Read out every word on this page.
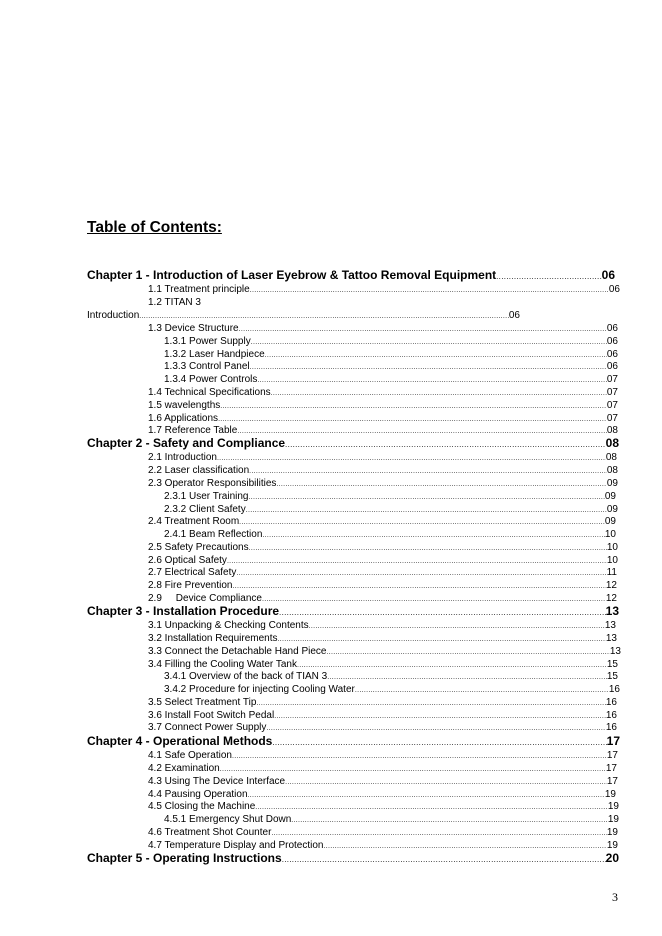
Table of Contents:
Chapter 1 - Introduction of Laser Eyebrow & Tattoo Removal Equipment .....	06
1.1 Treatment principle .....	06
1.2 TITAN 3
Introduction .....	06
1.3 Device Structure .....	06
1.3.1 Power Supply .....	06
1.3.2 Laser Handpiece .....	06
1.3.3 Control Panel .....	06
1.3.4 Power Controls .....	07
1.4 Technical Specifications .....	07
1.5 wavelengths .....	07
1.6 Applications .....	07
1.7 Reference Table .....	08
Chapter 2 - Safety and Compliance .....	08
2.1 Introduction .....	08
2.2 Laser classification .....	08
2.3 Operator Responsibilities .....	09
2.3.1 User Training .....	09
2.3.2 Client Safety .....	09
2.4 Treatment Room .....	09
2.4.1 Beam Reflection .....	10
2.5 Safety Precautions .....	10
2.6 Optical Safety .....	10
2.7 Electrical Safety .....	11
2.8 Fire Prevention .....	12
2.9     Device Compliance .....	12
Chapter 3 - Installation Procedure .....	13
3.1 Unpacking & Checking Contents .....	13
3.2 Installation Requirements .....	13
3.3 Connect the Detachable Hand Piece .....	13
3.4 Filling the Cooling Water Tank .....	15
3.4.1 Overview of the back of TIAN 3 .....	15
3.4.2 Procedure for injecting Cooling Water .....	16
3.5 Select Treatment Tip .....	16
3.6 Install Foot Switch Pedal .....	16
3.7 Connect Power Supply .....	16
Chapter 4 - Operational Methods .....	17
4.1 Safe Operation .....	17
4.2 Examination .....	17
4.3 Using The Device Interface .....	17
4.4 Pausing Operation .....	19
4.5 Closing the Machine .....	19
4.5.1 Emergency Shut Down .....	19
4.6 Treatment Shot Counter .....	19
4.7 Temperature Display and Protection .....	19
Chapter 5 - Operating Instructions .....	20
3
